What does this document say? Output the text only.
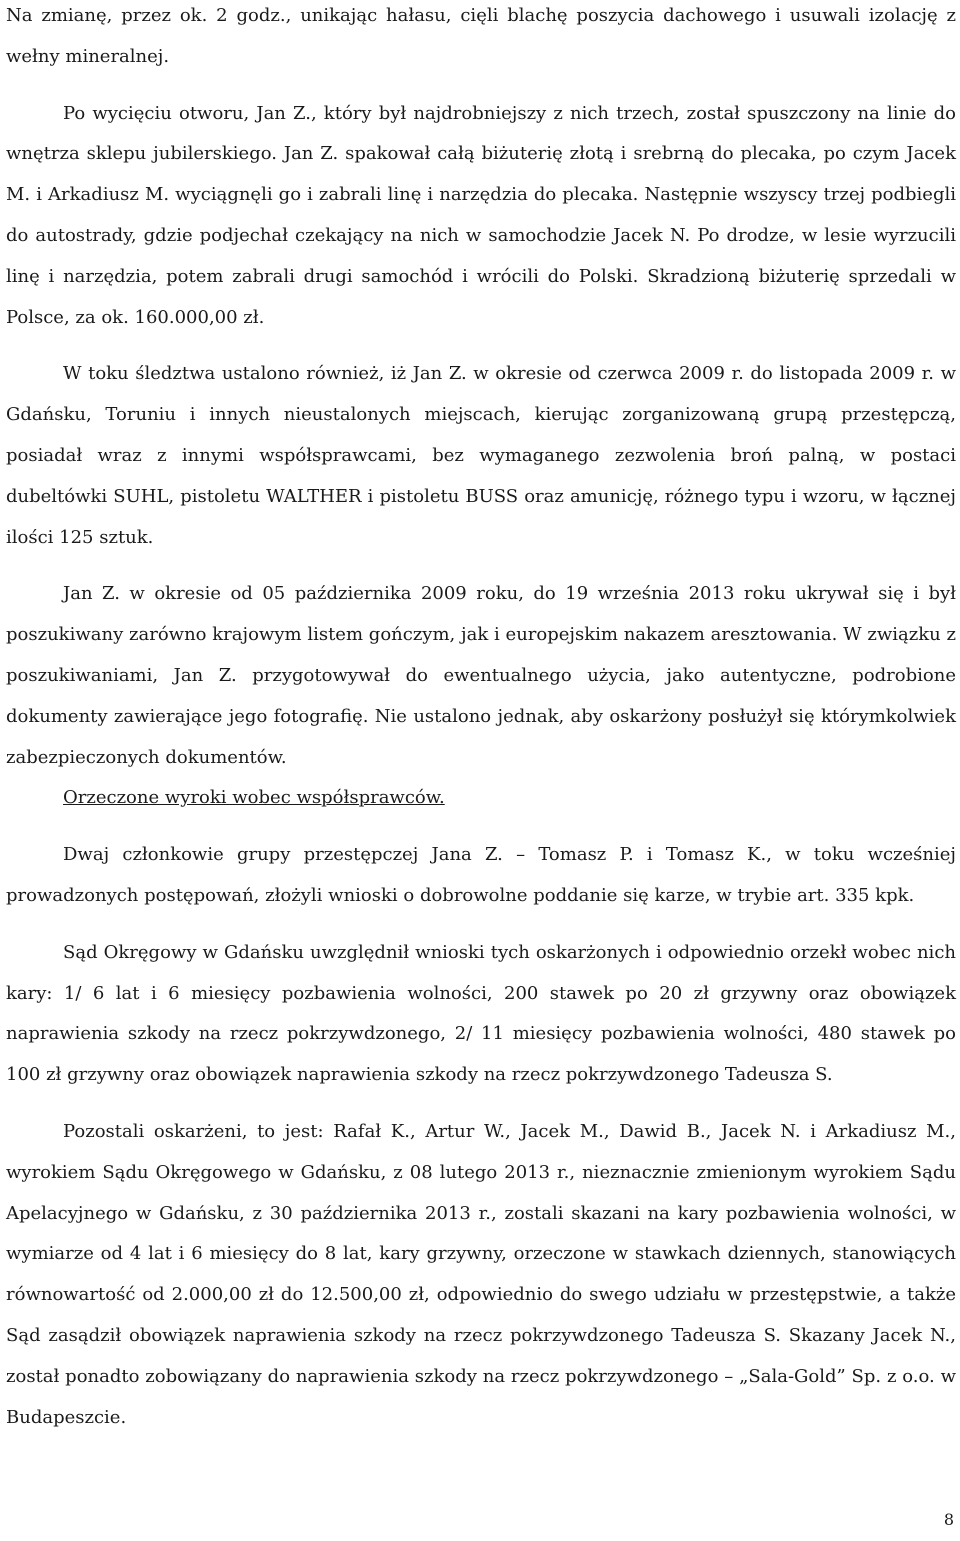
Na zmianę, przez ok. 2 godz., unikając hałasu, cięli blachę poszycia dachowego i usuwali izolację z wełny mineralnej.

Po wycięciu otworu, Jan Z., który był najdrobniejszy z nich trzech, został spuszczony na linie do wnętrza sklepu jubilerskiego. Jan Z. spakował całą biżuterię złotą i srebrną do plecaka, po czym Jacek M. i Arkadiusz M. wyciągnęli go i zabrali linę i narzędzia do plecaka. Następnie wszyscy trzej podbiegli do autostrady, gdzie podjechał czekający na nich w samochodzie Jacek N. Po drodze, w lesie wyrzucili linę i narzędzia, potem zabrali drugi samochód i wrócili do Polski. Skradzioną biżuterię sprzedali w Polsce, za ok. 160.000,00 zł.

W toku śledztwa ustalono również, iż Jan Z. w okresie od czerwca 2009 r. do listopada 2009 r. w Gdańsku, Toruniu i innych nieustalonych miejscach, kierując zorganizowaną grupą przestępczą, posiadał wraz z innymi współsprawcami, bez wymaganego zezwolenia broń palną, w postaci dubeltówki SUHL, pistoletu WALTHER i pistoletu BUSS oraz amunicję, różnego typu i wzoru, w łącznej ilości 125 sztuk.

Jan Z. w okresie od 05 października 2009 roku, do 19 września 2013 roku ukrywał się i był poszukiwany zarówno krajowym listem gończym, jak i europejskim nakazem aresztowania. W związku z poszukiwaniami, Jan Z. przygotowywał do ewentualnego użycia, jako autentyczne, podrobione dokumenty zawierające jego fotografię. Nie ustalono jednak, aby oskarżony posłużył się którymkolwiek zabezpieczonych dokumentów.

Orzeczone wyroki wobec współsprawców.

Dwaj członkowie grupy przestępczej Jana Z. – Tomasz P. i Tomasz K., w toku wcześniej prowadzonych postępowań, złożyli wnioski o dobrowolne poddanie się karze, w trybie art. 335 kpk.

Sąd Okręgowy w Gdańsku uwzględnił wnioski tych oskarżonych i odpowiednio orzekł wobec nich kary: 1/ 6 lat i 6 miesięcy pozbawienia wolności, 200 stawek po 20 zł grzywny oraz obowiązek naprawienia szkody na rzecz pokrzywdzonego, 2/ 11 miesięcy pozbawienia wolności, 480 stawek po 100 zł grzywny oraz obowiązek naprawienia szkody na rzecz pokrzywdzonego Tadeusza S.

Pozostali oskarżeni, to jest: Rafał K., Artur W., Jacek M., Dawid B., Jacek N. i Arkadiusz M., wyrokiem Sądu Okręgowego w Gdańsku, z 08 lutego 2013 r., nieznacznie zmienionym wyrokiem Sądu Apelacyjnego w Gdańsku, z 30 października 2013 r., zostali skazani na kary pozbawienia wolności, w wymiarze od 4 lat i 6 miesięcy do 8 lat, kary grzywny, orzeczone w stawkach dziennych, stanowiących równowartość od 2.000,00 zł do 12.500,00 zł, odpowiednio do swego udziału w przestępstwie, a także Sąd zasądził obowiązek naprawienia szkody na rzecz pokrzywdzonego Tadeusza S. Skazany Jacek N., został ponadto zobowiązany do naprawienia szkody na rzecz pokrzywdzonego – „Sala-Gold” Sp. z o.o. w Budapeszcie.

8
